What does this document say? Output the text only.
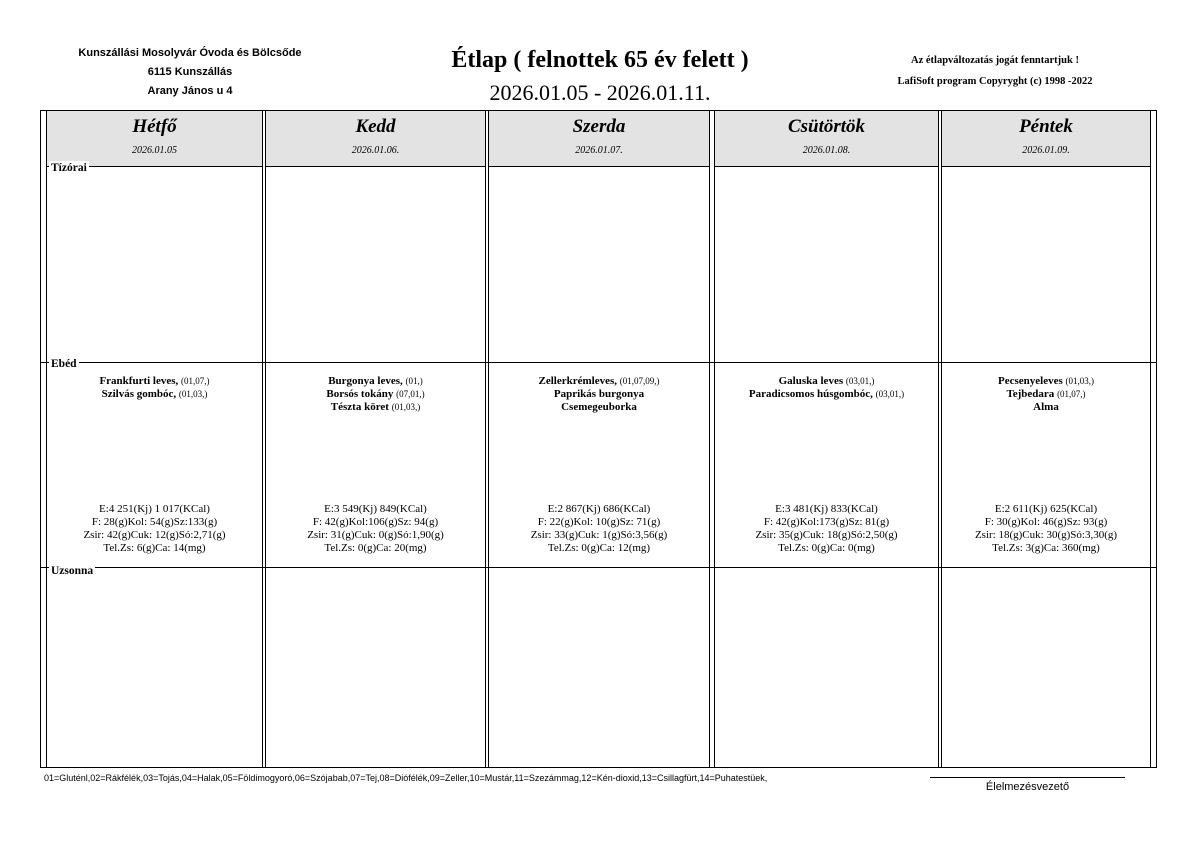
Kunszállási Mosolyvár Óvoda és Bölcsőde
6115 Kunszállás
Arany János u 4
Étlap ( felnottek 65 év felett )
2026.01.05 - 2026.01.11.
Az étlapváltozatás jogát fenntartjuk !
LafiSoft program Copyryght (c) 1998 -2022
Hétfő
2026.01.05
Frankfurti leves, (01,07,)
Szilvás gombóc, (01,03,)
E:4 251(Kj) 1 017(KCal)
F: 28(g)Kol: 54(g)Sz:133(g)
Zsir: 42(g)Cuk: 12(g)Só:2,71(g)
Tel.Zs: 6(g)Ca: 14(mg)
Kedd
2026.01.06.
Burgonya leves, (01,)
Borsós tokány (07,01,)
Tészta köret (01,03,)
E:3 549(Kj) 849(KCal)
F: 42(g)Kol:106(g)Sz: 94(g)
Zsir: 31(g)Cuk: 0(g)Só:1,90(g)
Tel.Zs: 0(g)Ca: 20(mg)
Szerda
2026.01.07.
Zellerkrémleves, (01,07,09,)
Paprikás burgonya
Csemegeuborka
E:2 867(Kj) 686(KCal)
F: 22(g)Kol: 10(g)Sz: 71(g)
Zsir: 33(g)Cuk: 1(g)Só:3,56(g)
Tel.Zs: 0(g)Ca: 12(mg)
Csütörtök
2026.01.08.
Galuska leves (03,01,)
Paradicsomos húsgombóc, (03,01,)
E:3 481(Kj) 833(KCal)
F: 42(g)Kol:173(g)Sz: 81(g)
Zsir: 35(g)Cuk: 18(g)Só:2,50(g)
Tel.Zs: 0(g)Ca: 0(mg)
Péntek
2026.01.09.
Pecsenyeleves (01,03,)
Tejbedara (01,07,)
Alma
E:2 611(Kj) 625(KCal)
F: 30(g)Kol: 46(g)Sz: 93(g)
Zsir: 18(g)Cuk: 30(g)Só:3,30(g)
Tel.Zs: 3(g)Ca: 360(mg)
Tízórai
Ebéd
Uzsonna
01=Gluténl,02=Rákfélék,03=Tojás,04=Halak,05=Földimogyoró,06=Szójabab,07=Tej,08=Diófélék,09=Zeller,10=Mustár,11=Szezámmag,12=Kén-dioxid,13=Csillagfürt,14=Puhatestüek,
Élelmezésvezető
